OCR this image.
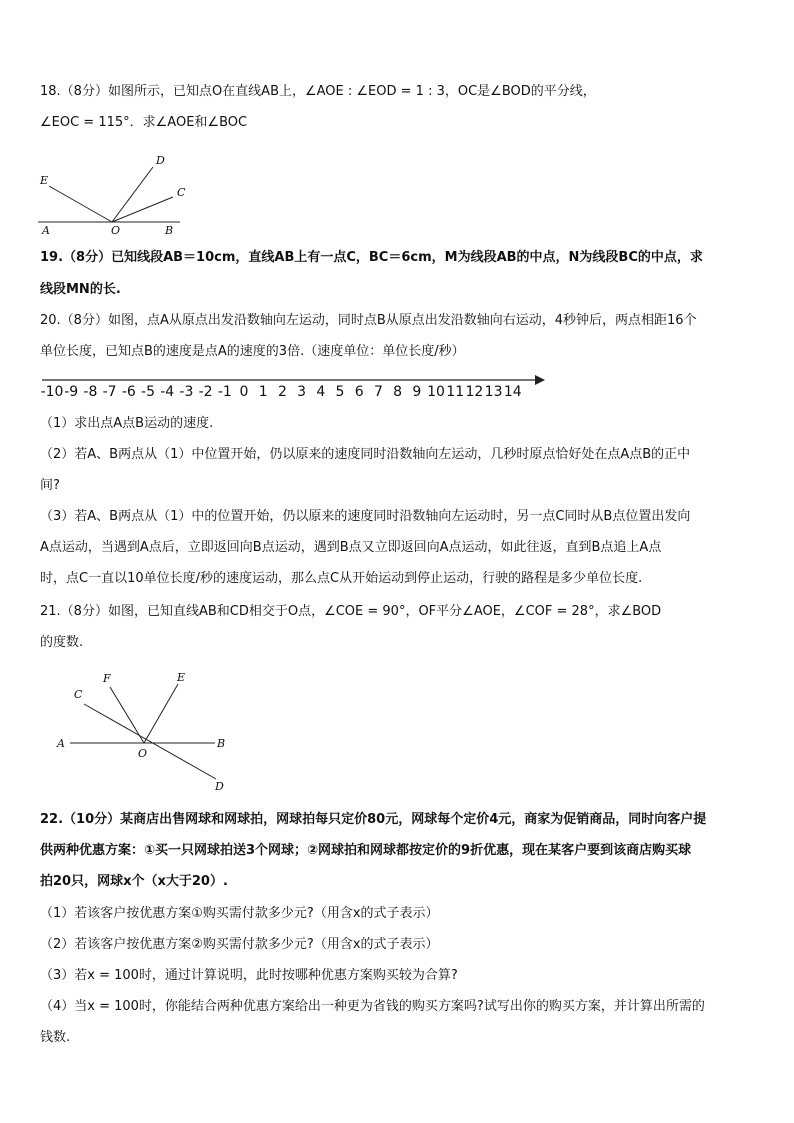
18.（8分）如图所示，已知点O在直线AB上，∠AOE : ∠EOD = 1 : 3，OC是∠BOD的平分线，
∠EOC = 115°．求∠AOE和∠BOC
E
D
C
A	O	B
19.（8分）已知线段AB＝10cm，直线AB上有一点C，BC＝6cm，M为线段AB的中点，N为线段BC的中点，求
线段MN的长.
20.（8分）如图，点A从原点出发沿数轴向左运动，同时点B从原点出发沿数轴向右运动，4秒钟后，两点相距16个
单位长度，已知点B的速度是点A的速度的3倍.（速度单位：单位长度/秒）
-10 -9 -8 -7 -6 -5 -4 -3 -2 -1 0 1 2 3 4 5 6 7 8 9 10 11 12 13 14
（1）求出点A点B运动的速度.
（2）若A、B两点从（1）中位置开始，仍以原来的速度同时沿数轴向左运动，几秒时原点恰好处在点A点B的正中
间?
（3）若A、B两点从（1）中的位置开始，仍以原来的速度同时沿数轴向左运动时，另一点C同时从B点位置出发向
A点运动，当遇到A点后，立即返回向B点运动，遇到B点又立即返回向A点运动，如此往返，直到B点追上A点
时，点C一直以10单位长度/秒的速度运动，那么点C从开始运动到停止运动，行驶的路程是多少单位长度.
21.（8分）如图，已知直线AB和CD相交于O点，∠COE = 90°，OF平分∠AOE，∠COF = 28°，求∠BOD
的度数.
F	E
C
A
O
B
D
22.（10分）某商店出售网球和网球拍，网球拍每只定价80元，网球每个定价4元，商家为促销商品，同时向客户提
供两种优惠方案：①买一只网球拍送3个网球；②网球拍和网球都按定价的9折优惠，现在某客户要到该商店购买球
拍20只，网球x个（x大于20）.
（1）若该客户按优惠方案①购买需付款多少元?（用含x的式子表示）
（2）若该客户按优惠方案②购买需付款多少元?（用含x的式子表示）
（3）若x = 100时，通过计算说明，此时按哪种优惠方案购买较为合算?
（4）当x = 100时，你能结合两种优惠方案给出一种更为省钱的购买方案吗?试写出你的购买方案，并计算出所需的
钱数.
